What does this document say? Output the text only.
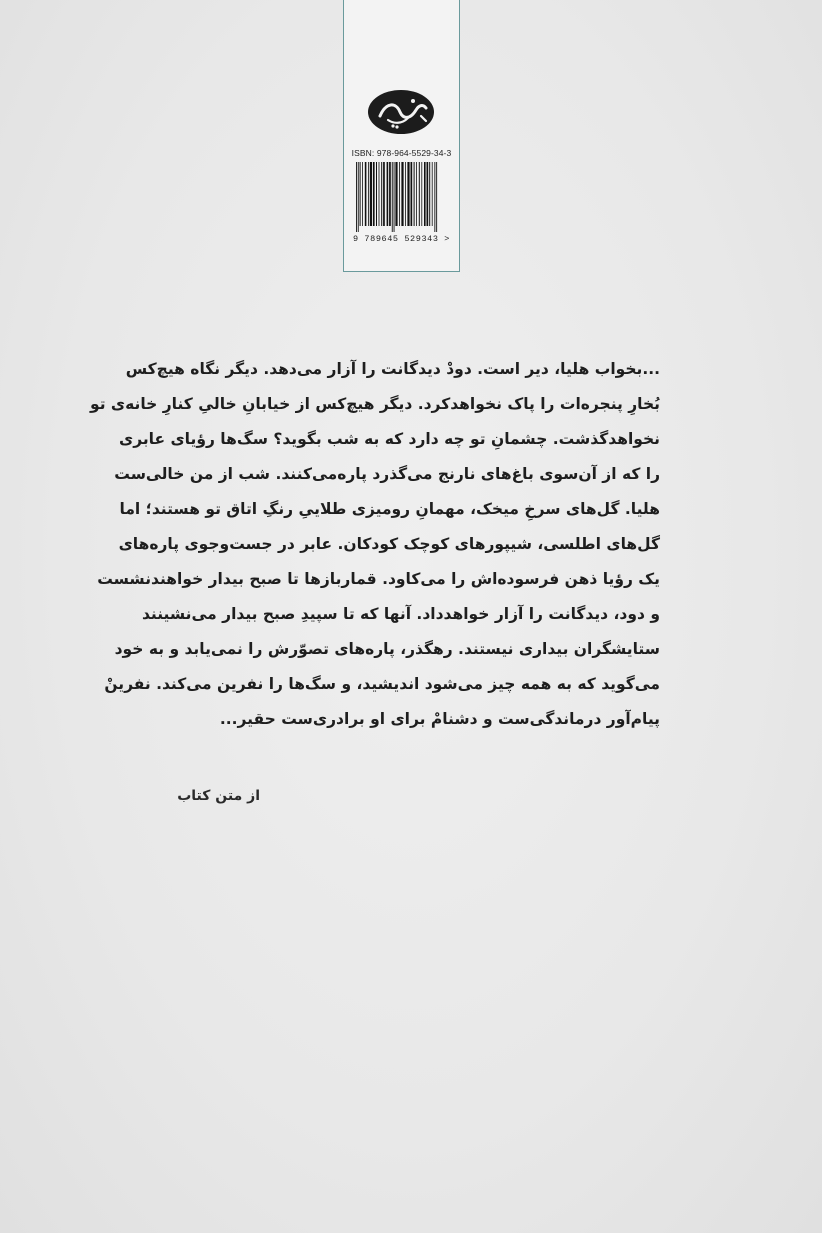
ISBN: 978-964-5529-34-3
9 789645 529343 >
...بخواب هلیا، دیر است. دودْ دیدگانت را آزار می‌دهد. دیگر نگاه هیچ‌کس
بُخارِ پنجره‌ات را پاک نخواهد‌کرد. دیگر هیچ‌کس از خیابانِ خالیِ کنارِ خانه‌ی تو
نخواهد‌گذشت. چشمانِ تو چه دارد که به شب بگوید؟ سگ‌ها رؤیای عابری
را که از آن‌سوی باغ‌های نارنج می‌گذرد پاره‌می‌کنند. شب از من خالی‌ست
هلیا. گل‌های سرخِ میخک، مهمانِ رومیزی طلاییِ رنگِ اتاق تو هستند؛ اما
گل‌های اطلسی، شیپورهای کوچک کودکان. عابر در جست‌وجوی پاره‌های
یک رؤیا ذهن فرسوده‌اش را می‌کاود. قماربازها تا صبح بیدار خواهند‌نشست
و دود، دیدگانت را آزار خواهد‌داد. آنها که تا سپیدِ صبح بیدار می‌نشینند
ستایشگران بیداری نیستند. رهگذر، پاره‌های تصوّرش را نمی‌یابد و به خود
می‌گوید که به همه چیز می‌شود اندیشید، و سگ‌ها را نفرین می‌کند. نفرینْ
پیام‌آور درماندگی‌ست و دشنامْ برای او برادری‌ست حقیر...
از متن کتاب
